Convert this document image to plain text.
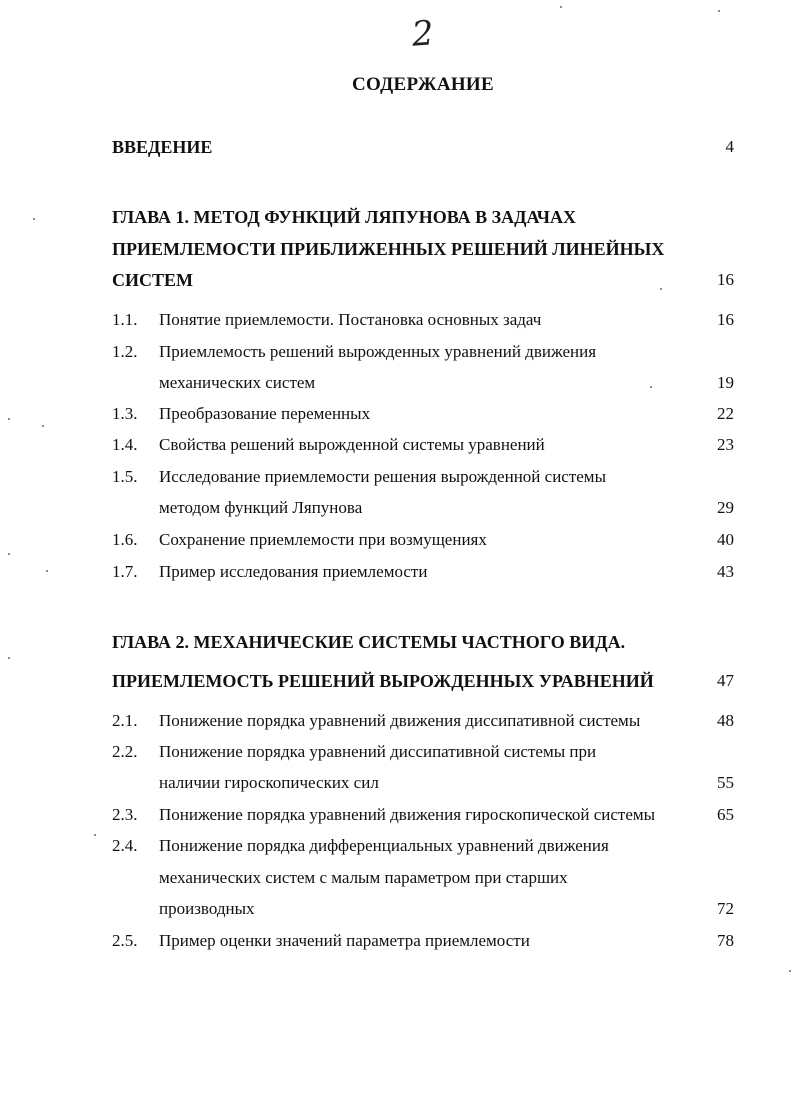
2
СОДЕРЖАНИЕ
ВВЕДЕНИЕ	4
ГЛАВА 1. МЕТОД ФУНКЦИЙ ЛЯПУНОВА В ЗАДАЧАХ
ПРИЕМЛЕМОСТИ ПРИБЛИЖЕННЫХ РЕШЕНИЙ ЛИНЕЙНЫХ
СИСТЕМ	16
1.1. Понятие приемлемости. Постановка основных задач	16
1.2. Приемлемость решений вырожденных уравнений движения
механических систем	19
1.3. Преобразование переменных	22
1.4. Свойства решений вырожденной системы уравнений	23
1.5. Исследование приемлемости решения вырожденной системы
методом функций Ляпунова	29
1.6. Сохранение приемлемости при возмущениях	40
1.7. Пример исследования приемлемости	43
ГЛАВА 2. МЕХАНИЧЕСКИЕ СИСТЕМЫ ЧАСТНОГО ВИДА.
ПРИЕМЛЕМОСТЬ РЕШЕНИЙ ВЫРОЖДЕННЫХ УРАВНЕНИЙ	47
2.1. Понижение порядка уравнений движения диссипативной системы	48
2.2. Понижение порядка уравнений диссипативной системы при
наличии гироскопических сил	55
2.3. Понижение порядка уравнений движения гироскопической системы	65
2.4. Понижение порядка дифференциальных уравнений движения
механических систем с малым параметром при старших
производных	72
2.5. Пример оценки значений параметра приемлемости	78
